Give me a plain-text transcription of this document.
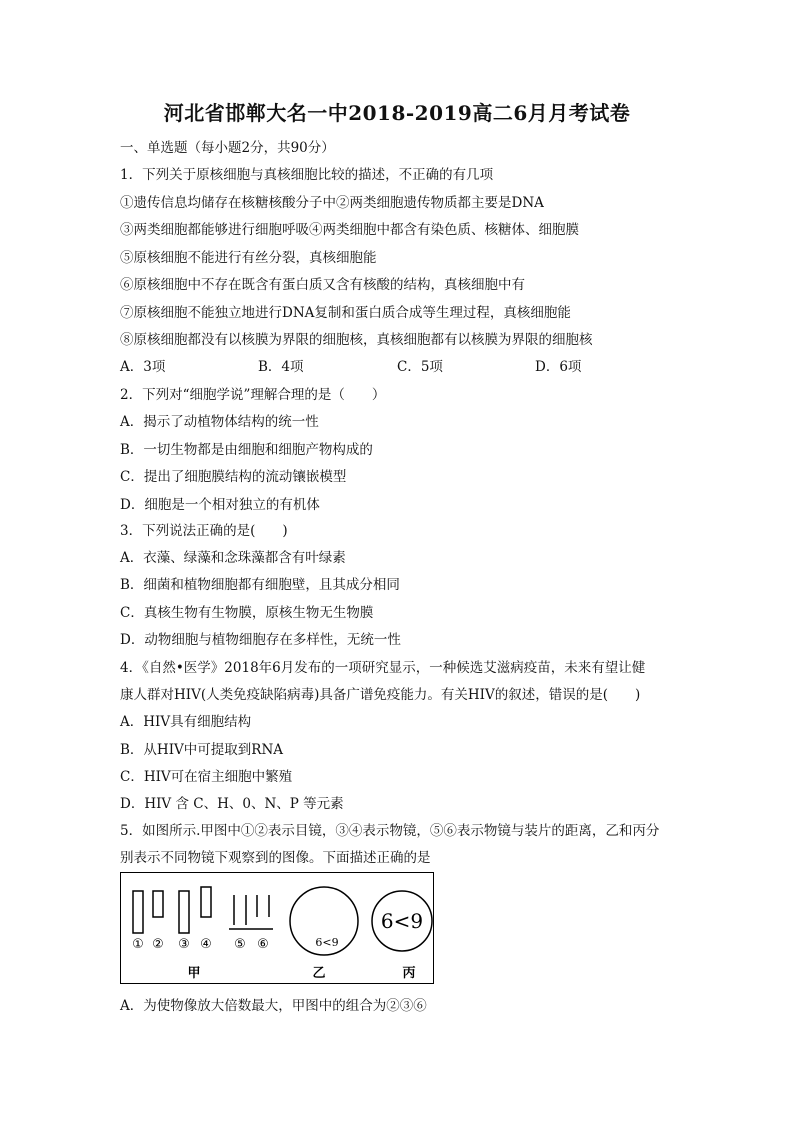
河北省邯郸大名一中2018-2019高二6月月考试卷
一、单选题（每小题2分，共90分）
1．下列关于原核细胞与真核细胞比较的描述，不正确的有几项
①遗传信息均储存在核糖核酸分子中②两类细胞遗传物质都主要是DNA
③两类细胞都能够进行细胞呼吸④两类细胞中都含有染色质、核糖体、细胞膜
⑤原核细胞不能进行有丝分裂，真核细胞能
⑥原核细胞中不存在既含有蛋白质又含有核酸的结构，真核细胞中有
⑦原核细胞不能独立地进行DNA复制和蛋白质合成等生理过程，真核细胞能
⑧原核细胞都没有以核膜为界限的细胞核，真核细胞都有以核膜为界限的细胞核
A．3项	B．4项	C．5项	D．6项
2．下列对“细胞学说”理解合理的是（　　）
A．揭示了动植物体结构的统一性
B．一切生物都是由细胞和细胞产物构成的
C．提出了细胞膜结构的流动镶嵌模型
D．细胞是一个相对独立的有机体
3．下列说法正确的是(　　)
A．衣藻、绿藻和念珠藻都含有叶绿素
B．细菌和植物细胞都有细胞壁，且其成分相同
C．真核生物有生物膜，原核生物无生物膜
D．动物细胞与植物细胞存在多样性，无统一性
4．《自然•医学》2018年6月发布的一项研究显示，一种候选艾滋病疫苗，未来有望让健
康人群对HIV(人类免疫缺陷病毒)具备广谱免疫能力。有关HIV的叙述，错误的是(　　)
A．HIV具有细胞结构
B．从HIV中可提取到RNA
C．HIV可在宿主细胞中繁殖
D．HIV 含 C、H、0、N、P 等元素
5．如图所示.甲图中①②表示目镜，③④表示物镜，⑤⑥表示物镜与装片的距离，乙和丙分
别表示不同物镜下观察到的图像。下面描述正确的是
① ② ③ ④ ⑤ ⑥	6<9
6<9
甲	乙	丙
A．为使物像放大倍数最大，甲图中的组合为②③⑥
